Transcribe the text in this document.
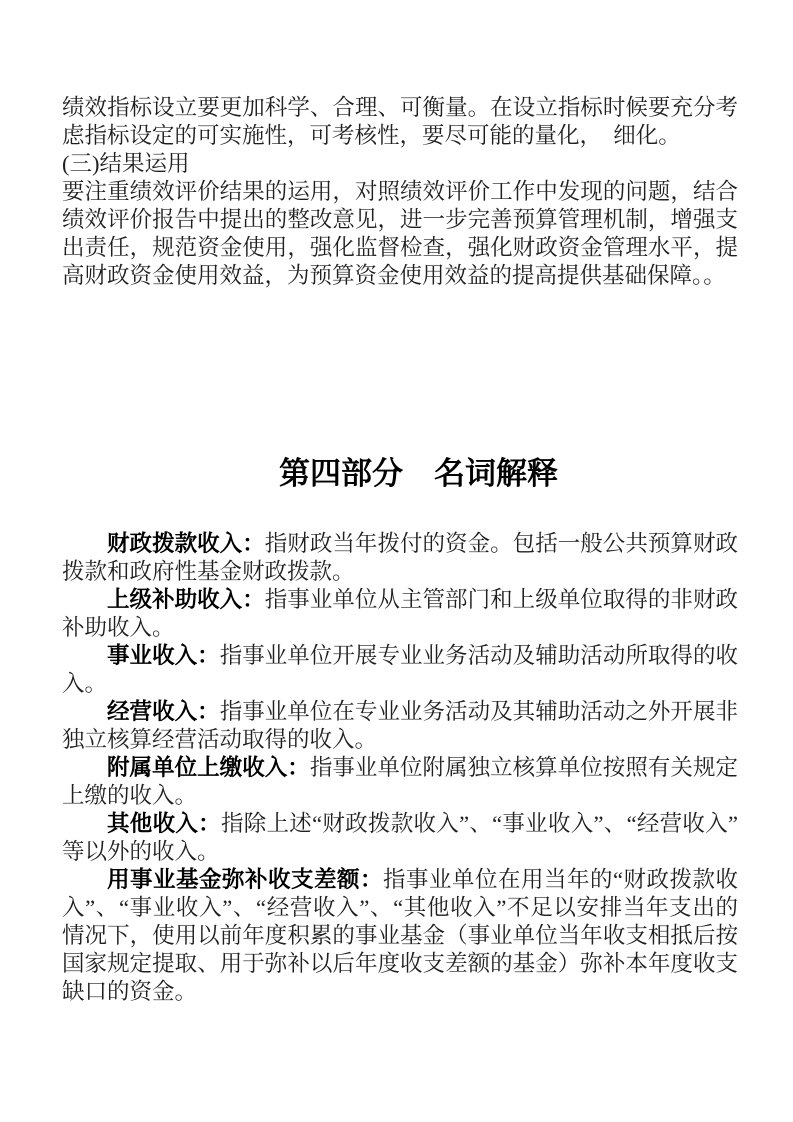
绩效指标设立要更加科学、合理、可衡量。在设立指标时候要充分考虑指标设定的可实施性，可考核性，要尽可能的量化，　细化。

(三)结果运用

要注重绩效评价结果的运用，对照绩效评价工作中发现的问题，结合绩效评价报告中提出的整改意见，进一步完善预算管理机制，增强支出责任，规范资金使用，强化监督检查，强化财政资金管理水平，提高财政资金使用效益，为预算资金使用效益的提高提供基础保障。。

第四部分　名词解释

财政拨款收入：指财政当年拨付的资金。包括一般公共预算财政拨款和政府性基金财政拨款。

上级补助收入：指事业单位从主管部门和上级单位取得的非财政补助收入。

事业收入：指事业单位开展专业业务活动及辅助活动所取得的收入。

经营收入：指事业单位在专业业务活动及其辅助活动之外开展非独立核算经营活动取得的收入。

附属单位上缴收入：指事业单位附属独立核算单位按照有关规定上缴的收入。

其他收入：指除上述“财政拨款收入”、“事业收入”、“经营收入”等以外的收入。

用事业基金弥补收支差额：指事业单位在用当年的“财政拨款收入”、“事业收入”、“经营收入”、“其他收入”不足以安排当年支出的情况下，使用以前年度积累的事业基金（事业单位当年收支相抵后按国家规定提取、用于弥补以后年度收支差额的基金）弥补本年度收支缺口的资金。
